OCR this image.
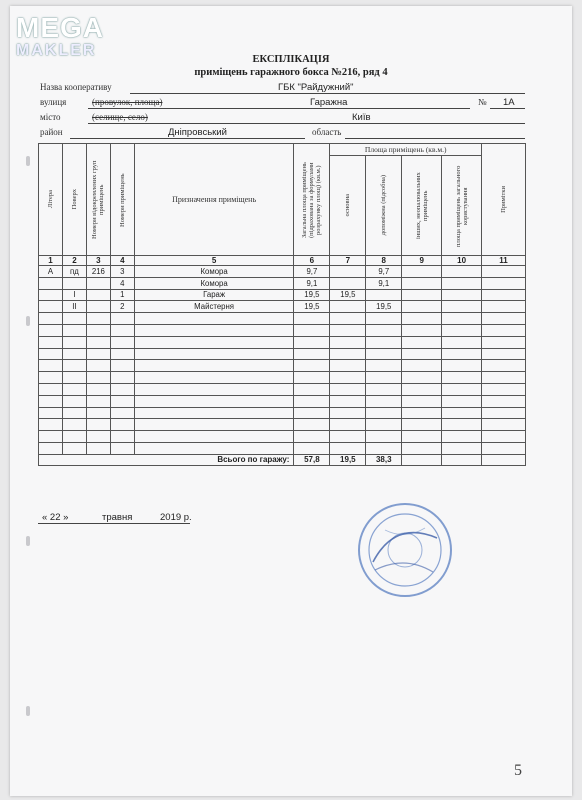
MEGA
MAKLER
ЕКСПЛІКАЦІЯ
приміщень гаражного бокса №216, ряд 4
Назва кооперативу	ГБК "Райдужний"
вулиця	(провулок, площа)	Гаражна	№ 1А
місто	(селище, село)	Київ
район	Дніпровський	область
Літера	Поверх	Номери відокремлених груп приміщень	Номери приміщень	Призначення приміщень	Загальна площа приміщень (підрахована за формулами розрахунку площ) (кв.м.)	Площа приміщень (кв.м.)				Примітки

						основна	допоміжна (підсобна)	інших, неопалювальних приміщень	площа приміщень загального користування	

1	2	3	4	5	6	7	8	9	10	11
А	пд	216	3	Комора	9,7		9,7			
			4	Комора	9,1		9,1			
	І		1	Гараж	19,5	19,5				
	ІІ		2	Майстерня	19,5		19,5			

Всього по гаражу:					57,8	19,5	38,3			
« 22 »	травня	2019 р.
5
